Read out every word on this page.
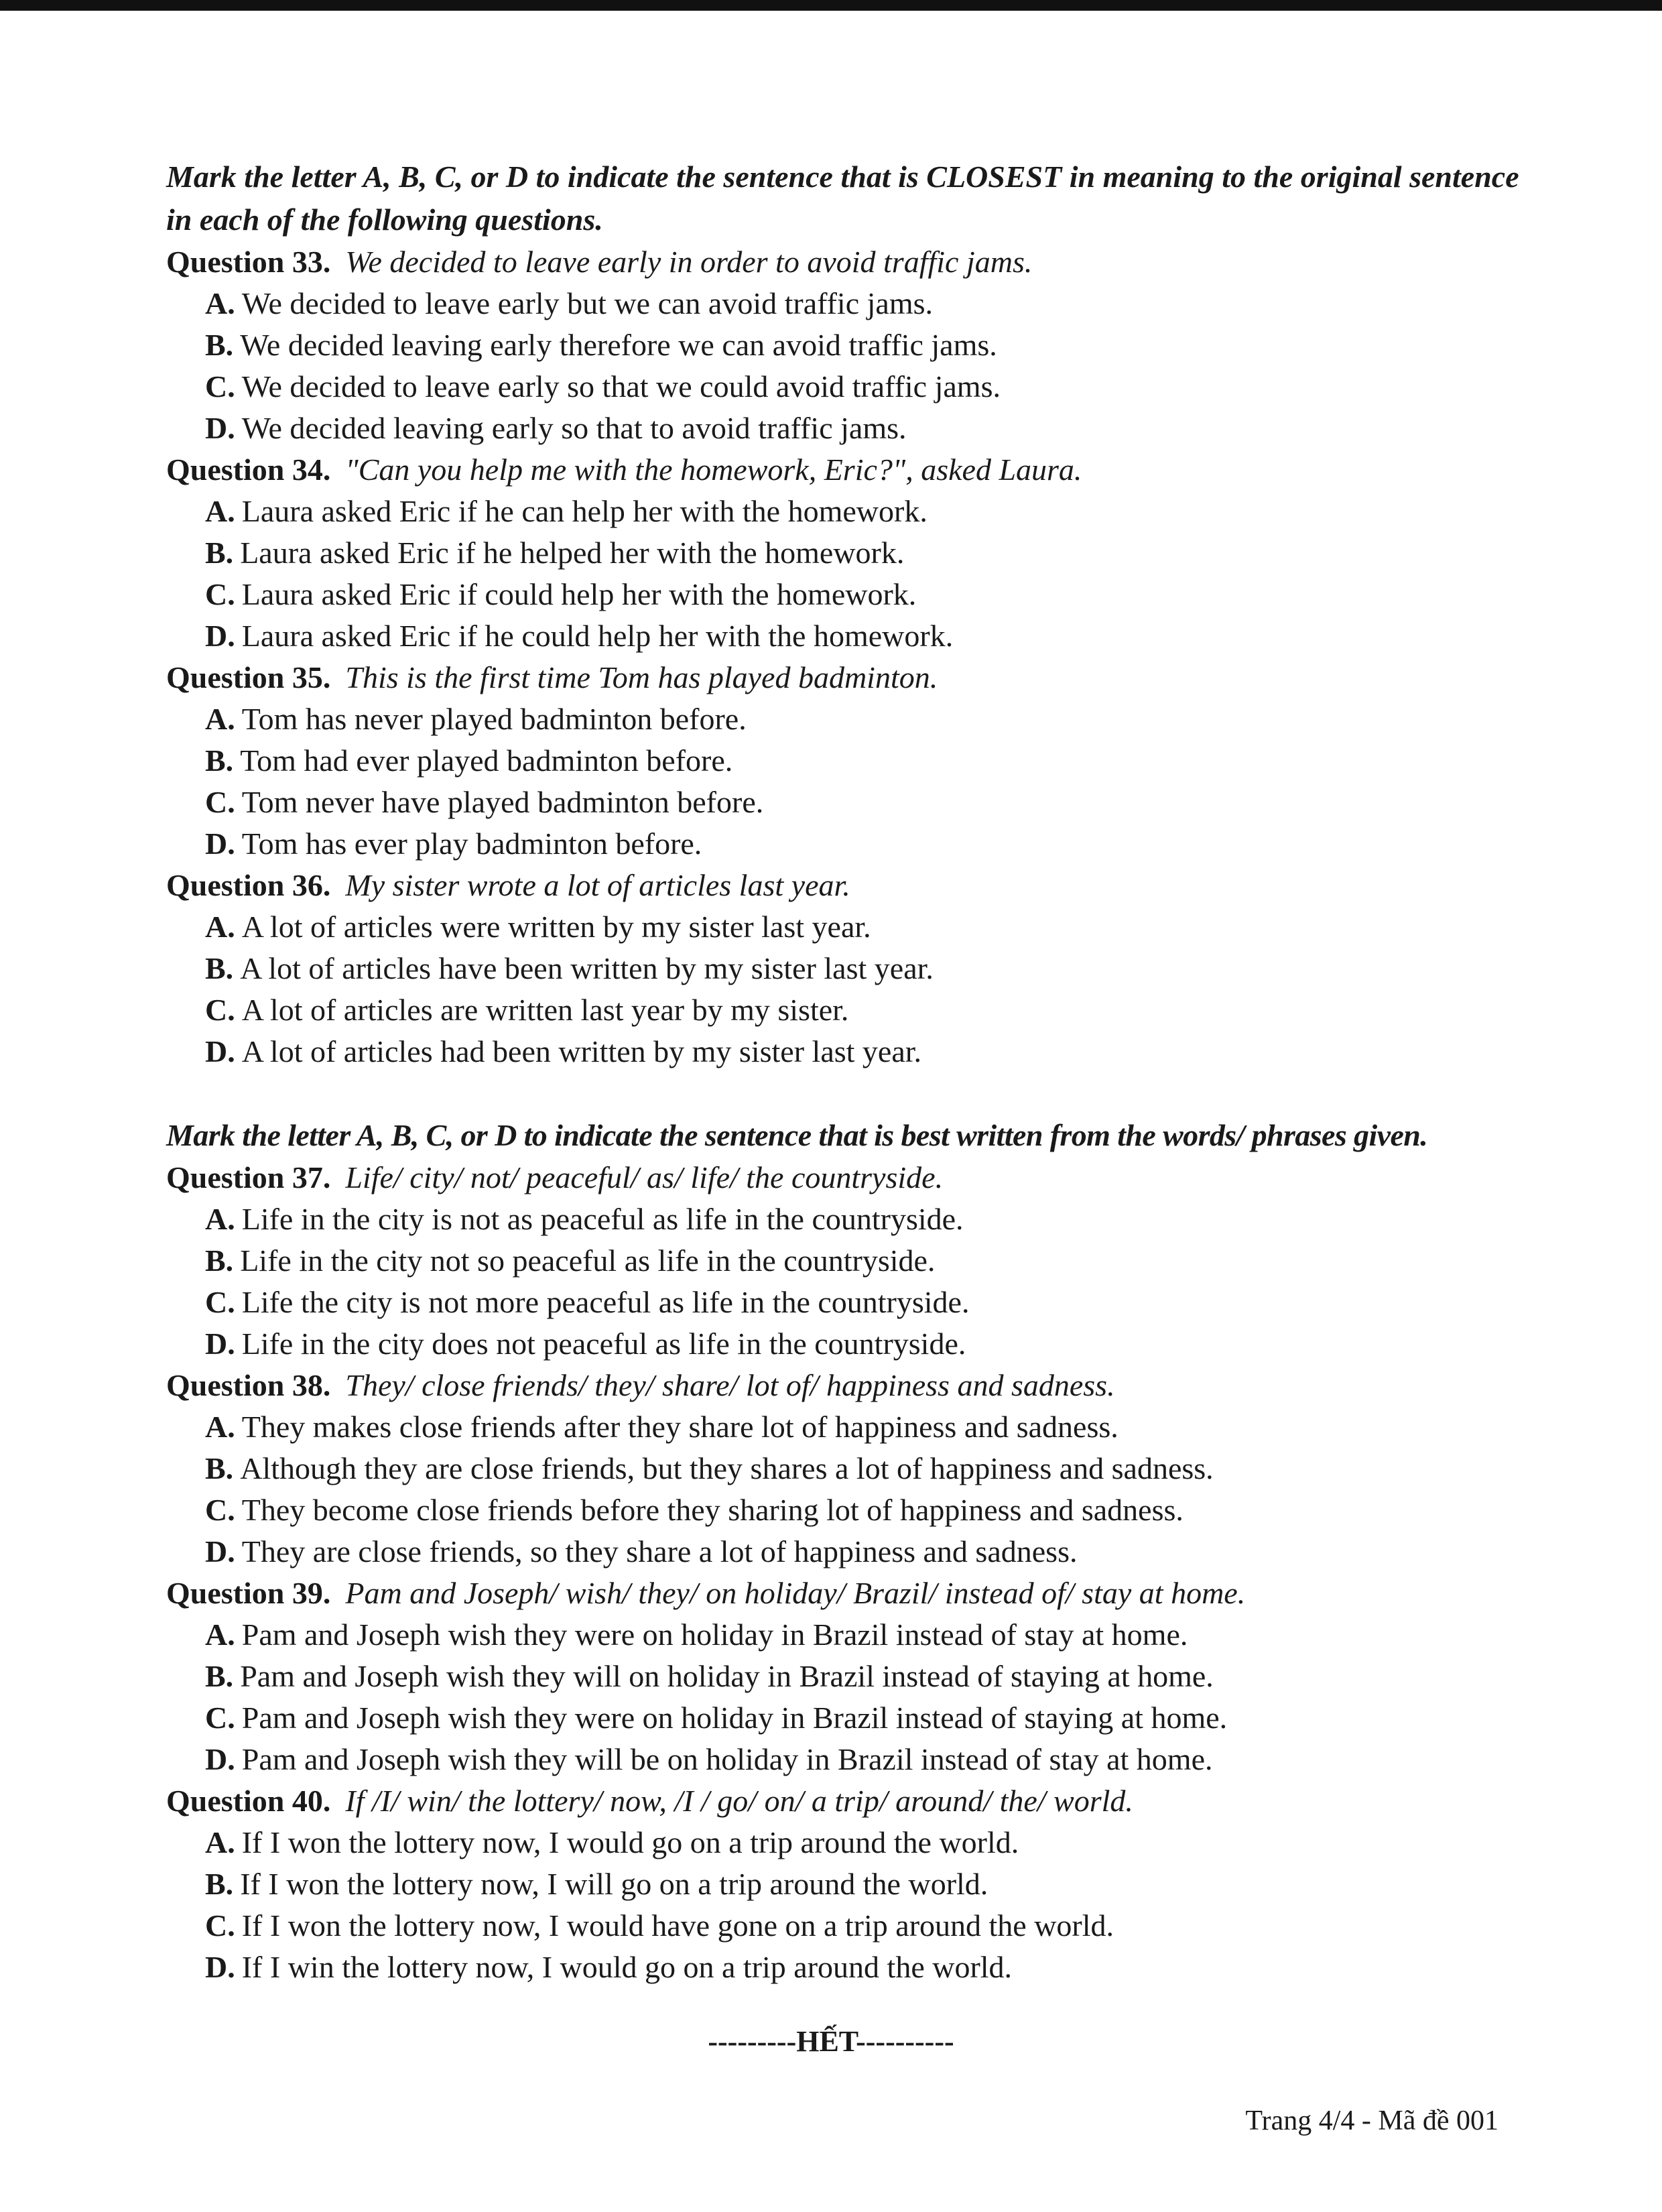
Mark the letter A, B, C, or D to indicate the sentence that is CLOSEST in meaning to the original sentence in each of the following questions.

Question 33. We decided to leave early in order to avoid traffic jams.

A. We decided to leave early but we can avoid traffic jams.

B. We decided leaving early therefore we can avoid traffic jams.

C. We decided to leave early so that we could avoid traffic jams.

D. We decided leaving early so that to avoid traffic jams.

Question 34. "Can you help me with the homework, Eric?", asked Laura.

A. Laura asked Eric if he can help her with the homework.

B. Laura asked Eric if he helped her with the homework.

C. Laura asked Eric if could help her with the homework.

D. Laura asked Eric if he could help her with the homework.

Question 35. This is the first time Tom has played badminton.

A. Tom has never played badminton before.

B. Tom had ever played badminton before.

C. Tom never have played badminton before.

D. Tom has ever play badminton before.

Question 36. My sister wrote a lot of articles last year.

A. A lot of articles were written by my sister last year.

B. A lot of articles have been written by my sister last year.

C. A lot of articles are written last year by my sister.

D. A lot of articles had been written by my sister last year.

Mark the letter A, B, C, or D to indicate the sentence that is best written from the words/ phrases given.

Question 37. Life/ city/ not/ peaceful/ as/ life/ the countryside.

A. Life in the city is not as peaceful as life in the countryside.

B. Life in the city not so peaceful as life in the countryside.

C. Life the city is not more peaceful as life in the countryside.

D. Life in the city does not peaceful as life in the countryside.

Question 38. They/ close friends/ they/ share/ lot of/ happiness and sadness.

A. They makes close friends after they share lot of happiness and sadness.

B. Although they are close friends, but they shares a lot of happiness and sadness.

C. They become close friends before they sharing lot of happiness and sadness.

D. They are close friends, so they share a lot of happiness and sadness.

Question 39. Pam and Joseph/ wish/ they/ on holiday/ Brazil/ instead of/ stay at home.

A. Pam and Joseph wish they were on holiday in Brazil instead of stay at home.

B. Pam and Joseph wish they will on holiday in Brazil instead of staying at home.

C. Pam and Joseph wish they were on holiday in Brazil instead of staying at home.

D. Pam and Joseph wish they will be on holiday in Brazil instead of stay at home.

Question 40. If /I/ win/ the lottery/ now, /I / go/ on/ a trip/ around/ the/ world.

A. If I won the lottery now, I would go on a trip around the world.

B. If I won the lottery now, I will go on a trip around the world.

C. If I won the lottery now, I would have gone on a trip around the world.

D. If I win the lottery now, I would go on a trip around the world.

---------HẾT----------
Trang 4/4 - Mã đề 001
